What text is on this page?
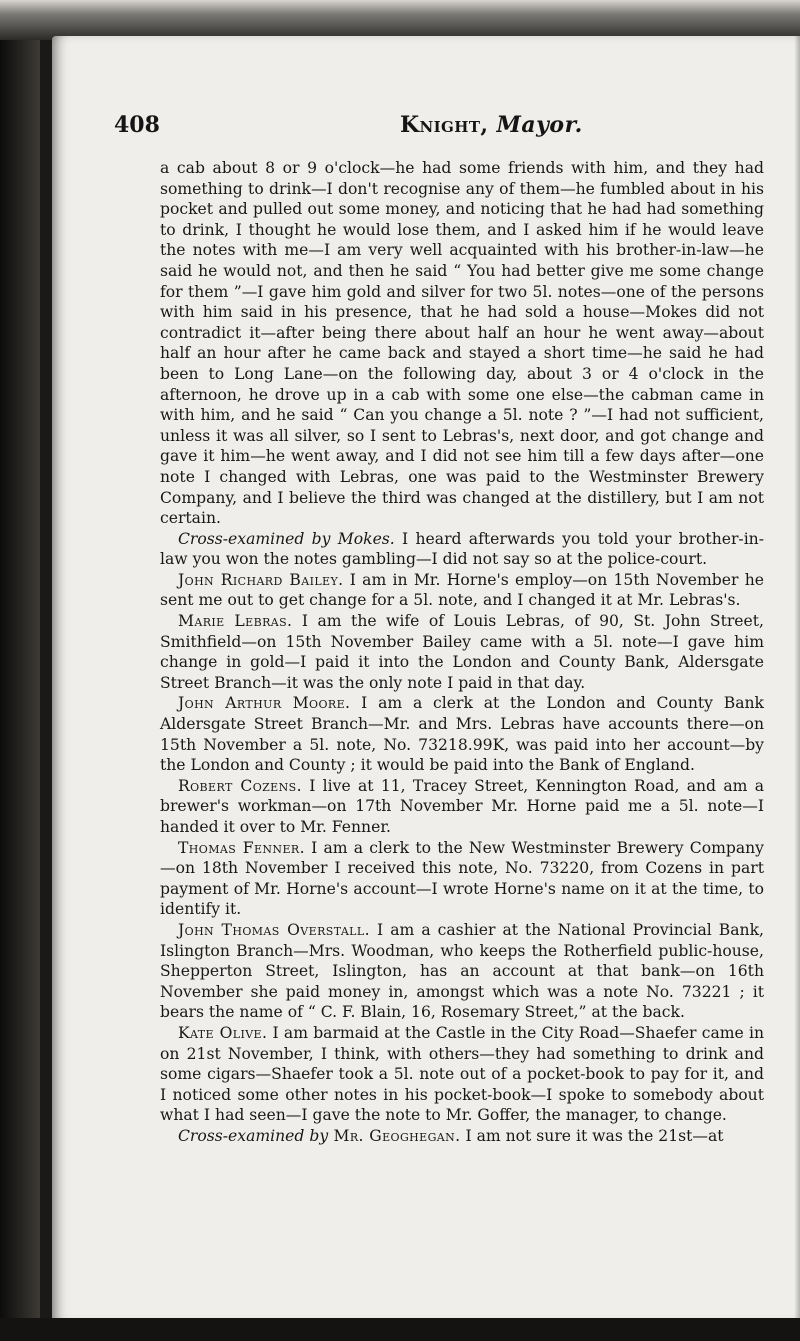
408	Knight, Mayor.

a cab about 8 or 9 o'clock—he had some friends with him, and they had something to drink—I don't recognise any of them—he fumbled about in his pocket and pulled out some money, and noticing that he had had something to drink, I thought he would lose them, and I asked him if he would leave the notes with me—I am very well acquainted with his brother-in-law—he said he would not, and then he said “ You had better give me some change for them ”—I gave him gold and silver for two 5l. notes—one of the persons with him said in his presence, that he had sold a house—Mokes did not contradict it—after being there about half an hour he went away—about half an hour after he came back and stayed a short time—he said he had been to Long Lane—on the following day, about 3 or 4 o'clock in the afternoon, he drove up in a cab with some one else—the cabman came in with him, and he said “ Can you change a 5l. note ? ”—I had not sufficient, unless it was all silver, so I sent to Lebras's, next door, and got change and gave it him—he went away, and I did not see him till a few days after—one note I changed with Lebras, one was paid to the Westminster Brewery Company, and I believe the third was changed at the distillery, but I am not certain.

Cross-examined by Mokes. I heard afterwards you told your brother-in-law you won the notes gambling—I did not say so at the police-court.

John Richard Bailey. I am in Mr. Horne's employ—on 15th November he sent me out to get change for a 5l. note, and I changed it at Mr. Lebras's.

Marie Lebras. I am the wife of Louis Lebras, of 90, St. John Street, Smithfield—on 15th November Bailey came with a 5l. note—I gave him change in gold—I paid it into the London and County Bank, Aldersgate Street Branch—it was the only note I paid in that day.

John Arthur Moore. I am a clerk at the London and County Bank Aldersgate Street Branch—Mr. and Mrs. Lebras have accounts there—on 15th November a 5l. note, No. 73218.99K, was paid into her account—by the London and County ; it would be paid into the Bank of England.

Robert Cozens. I live at 11, Tracey Street, Kennington Road, and am a brewer's workman—on 17th November Mr. Horne paid me a 5l. note—I handed it over to Mr. Fenner.

Thomas Fenner. I am a clerk to the New Westminster Brewery Company—on 18th November I received this note, No. 73220, from Cozens in part payment of Mr. Horne's account—I wrote Horne's name on it at the time, to identify it.

John Thomas Overstall. I am a cashier at the National Provincial Bank, Islington Branch—Mrs. Woodman, who keeps the Rotherfield public-house, Shepperton Street, Islington, has an account at that bank—on 16th November she paid money in, amongst which was a note No. 73221 ; it bears the name of “ C. F. Blain, 16, Rosemary Street,” at the back.

Kate Olive. I am barmaid at the Castle in the City Road—Shaefer came in on 21st November, I think, with others—they had something to drink and some cigars—Shaefer took a 5l. note out of a pocket-book to pay for it, and I noticed some other notes in his pocket-book—I spoke to somebody about what I had seen—I gave the note to Mr. Goffer, the manager, to change.

Cross-examined by Mr. Geoghegan. I am not sure it was the 21st—at
